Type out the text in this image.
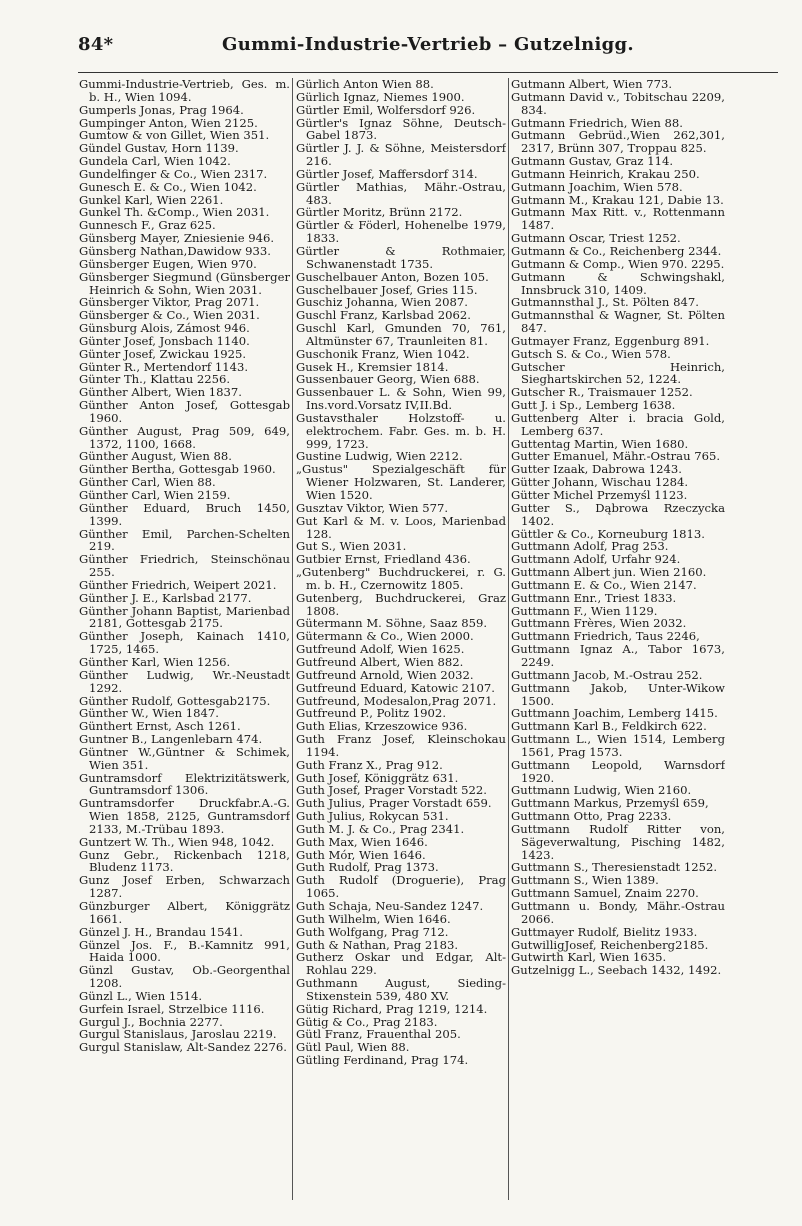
84*	Gummi-Industrie-Vertrieb – Gutzelnigg.

Gummi-Industrie-Vertrieb, Ges. m. b. H., Wien 1094.

Gumperls Jonas, Prag 1964.

Gumpinger Anton, Wien 2125.

Gumtow & von Gillet, Wien 351.

Gündel Gustav, Horn 1139.

Gundela Carl, Wien 1042.

Gundelfinger & Co., Wien 2317.

Gunesch E. & Co., Wien 1042.

Gunkel Karl, Wien 2261.

Gunkel Th. &Comp., Wien 2031.

Gunnesch F., Graz 625.

Günsberg Mayer, Zniesienie 946.

Günsberg Nathan,Dawidow 933.

Günsberger Eugen, Wien 970.

Günsberger Siegmund (Günsberger Heinrich & Sohn, Wien 2031.

Günsberger Viktor, Prag 2071.

Günsberger & Co., Wien 2031.

Günsburg Alois, Zámost 946.

Günter Josef, Jonsbach 1140.

Günter Josef, Zwickau 1925.

Günter R., Mertendorf 1143.

Günter Th., Klattau 2256.

Günther Albert, Wien 1837.

Günther Anton Josef, Gottesgab 1960.

Günther August, Prag 509, 649, 1372, 1100, 1668.

Günther August, Wien 88.

Günther Bertha, Gottesgab 1960.

Günther Carl, Wien 88.

Günther Carl, Wien 2159.

Günther Eduard, Bruch 1450, 1399.

Günther Emil, Parchen-Schelten 219.

Günther Friedrich, Steinschönau 255.

Günther Friedrich, Weipert 2021.

Günther J. E., Karlsbad 2177.

Günther Johann Baptist, Marienbad 2181, Gottesgab 2175.

Günther Joseph, Kainach 1410, 1725, 1465.

Günther Karl, Wien 1256.

Günther Ludwig, Wr.-Neustadt 1292.

Günther Rudolf, Gottesgab2175.

Günther W., Wien 1847.

Günthert Ernst, Asch 1261.

Guntner B., Langenlebarn 474.

Güntner W.,Güntner & Schimek, Wien 351.

Guntramsdorf Elektrizitätswerk, Guntramsdorf 1306.

Guntramsdorfer Druckfabr.A.-G. Wien 1858, 2125, Guntramsdorf 2133, M.-Trübau 1893.

Guntzert W. Th., Wien 948, 1042.

Gunz Gebr., Rickenbach 1218, Bludenz 1173.

Gunz Josef Erben, Schwarzach 1287.

Günzburger Albert, Königgrätz 1661.

Günzel J. H., Brandau 1541.

Günzel Jos. F., B.-Kamnitz 991, Haida 1000.

Günzl Gustav, Ob.-Georgenthal 1208.

Günzl L., Wien 1514.

Gurfein Israel, Strzelbice 1116.

Gurgul J., Bochnia 2277.

Gurgul Stanislaus, Jaroslau 2219.

Gurgul Stanislaw, Alt-Sandez 2276.

Gürlich Anton Wien 88.

Gürlich Ignaz, Niemes 1900.

Gürtler Emil, Wolfersdorf 926.

Gürtler's Ignaz Söhne, Deutsch-Gabel 1873.

Gürtler J. J. & Söhne, Meistersdorf 216.

Gürtler Josef, Maffersdorf 314.

Gürtler Mathias, Mähr.-Ostrau, 483.

Gürtler Moritz, Brünn 2172.

Gürtler & Föderl, Hohenelbe 1979, 1833.

Gürtler & Rothmaier, Schwanenstadt 1735.

Guschelbauer Anton, Bozen 105.

Guschelbauer Josef, Gries 115.

Guschiz Johanna, Wien 2087.

Guschl Franz, Karlsbad 2062.

Guschl Karl, Gmunden 70, 761, Altmünster 67, Traunleiten 81.

Guschonik Franz, Wien 1042.

Gusek H., Kremsier 1814.

Gussenbauer Georg, Wien 688.

Gussenbauer L. & Sohn, Wien 99, Ins.vord.Vorsatz IV,II.Bd.

Gustavsthaler Holzstoff- u. elektrochem. Fabr. Ges. m. b. H. 999, 1723.

Gustine Ludwig, Wien 2212.

„Gustus" Spezialgeschäft für Wiener Holzwaren, St. Landerer, Wien 1520.

Gusztav Viktor, Wien 577.

Gut Karl & M. v. Loos, Marienbad 128.

Gut S., Wien 2031.

Gutbier Ernst, Friedland 436.

„Gutenberg" Buchdruckerei, r. G. m. b. H., Czernowitz 1805.

Gutenberg, Buchdruckerei, Graz 1808.

Gütermann M. Söhne, Saaz 859.

Gütermann & Co., Wien 2000.

Gutfreund Adolf, Wien 1625.

Gutfreund Albert, Wien 882.

Gutfreund Arnold, Wien 2032.

Gutfreund Eduard, Katowic 2107.

Gutfreund, Modesalon,Prag 2071.

Gutfreund P., Politz 1902.

Guth Elias, Krzeszowice 936.

Guth Franz Josef, Kleinschokau 1194.

Guth Franz X., Prag 912.

Guth Josef, Königgrätz 631.

Guth Josef, Prager Vorstadt 522.

Guth Julius, Prager Vorstadt 659.

Guth Julius, Rokycan 531.

Guth M. J. & Co., Prag 2341.

Guth Max, Wien 1646.

Guth Mór, Wien 1646.

Guth Rudolf, Prag 1373.

Guth Rudolf (Droguerie), Prag 1065.

Guth Schaja, Neu-Sandez 1247.

Guth Wilhelm, Wien 1646.

Guth Wolfgang, Prag 712.

Guth & Nathan, Prag 2183.

Gutherz Oskar und Edgar, Alt-Rohlau 229.

Guthmann August, Sieding-Stixenstein 539, 480 XV.

Gütig Richard, Prag 1219, 1214.

Gütig & Co., Prag 2183.

Gütl Franz, Frauenthal 205.

Gütl Paul, Wien 88.

Gütling Ferdinand, Prag 174.

Gutmann Albert, Wien 773.

Gutmann David v., Tobitschau 2209, 834.

Gutmann Friedrich, Wien 88.

Gutmann Gebrüd.,Wien 262,301, 2317, Brünn 307, Troppau 825.

Gutmann Gustav, Graz 114.

Gutmann Heinrich, Krakau 250.

Gutmann Joachim, Wien 578.

Gutmann M., Krakau 121, Dabie 13.

Gutmann Max Ritt. v., Rottenmann 1487.

Gutmann Oscar, Triest 1252.

Gutmann & Co., Reichenberg 2344.

Gutmann & Comp., Wien 970. 2295.

Gutmann & Schwingshakl, Innsbruck 310, 1409.

Gutmannsthal J., St. Pölten 847.

Gutmannsthal & Wagner, St. Pölten 847.

Gutmayer Franz, Eggenburg 891.

Gutsch S. & Co., Wien 578.

Gutscher Heinrich, Sieghartskirchen 52, 1224.

Gutscher R., Traismauer 1252.

Gutt J. i Sp., Lemberg 1638.

Guttenberg Alter i. bracia Gold, Lemberg 637.

Guttentag Martin, Wien 1680.

Gutter Emanuel, Mähr.-Ostrau 765.

Gutter Izaak, Dabrowa 1243.

Gütter Johann, Wischau 1284.

Gütter Michel Przemyśl 1123.

Gutter S., Dąbrowa Rzeczycka 1402.

Güttler & Co., Korneuburg 1813.

Guttmann Adolf, Prag 253.

Guttmann Adolf, Urfahr 924.

Guttmann Albert jun. Wien 2160.

Guttmann E. & Co., Wien 2147.

Guttmann Enr., Triest 1833.

Guttmann F., Wien 1129.

Guttmann Frères, Wien 2032.

Guttmann Friedrich, Taus 2246,

Guttmann Ignaz A., Tabor 1673, 2249.

Guttmann Jacob, M.-Ostrau 252.

Guttmann Jakob, Unter-Wikow 1500.

Guttmann Joachim, Lemberg 1415.

Guttmann Karl B., Feldkirch 622.

Guttmann L., Wien 1514, Lemberg 1561, Prag 1573.

Guttmann Leopold, Warnsdorf 1920.

Guttmann Ludwig, Wien 2160.

Guttmann Markus, Przemyśl 659,

Guttmann Otto, Prag 2233.

Guttmann Rudolf Ritter von, Sägeverwaltung, Pisching 1482, 1423.

Guttmann S., Theresienstadt 1252.

Guttmann S., Wien 1389.

Guttmann Samuel, Znaim 2270.

Guttmann u. Bondy, Mähr.-Ostrau 2066.

Guttmayer Rudolf, Bielitz 1933.

GutwilligJosef, Reichenberg2185.

Gutwirth Karl, Wien 1635.

Gutzelnigg L., Seebach 1432, 1492.
